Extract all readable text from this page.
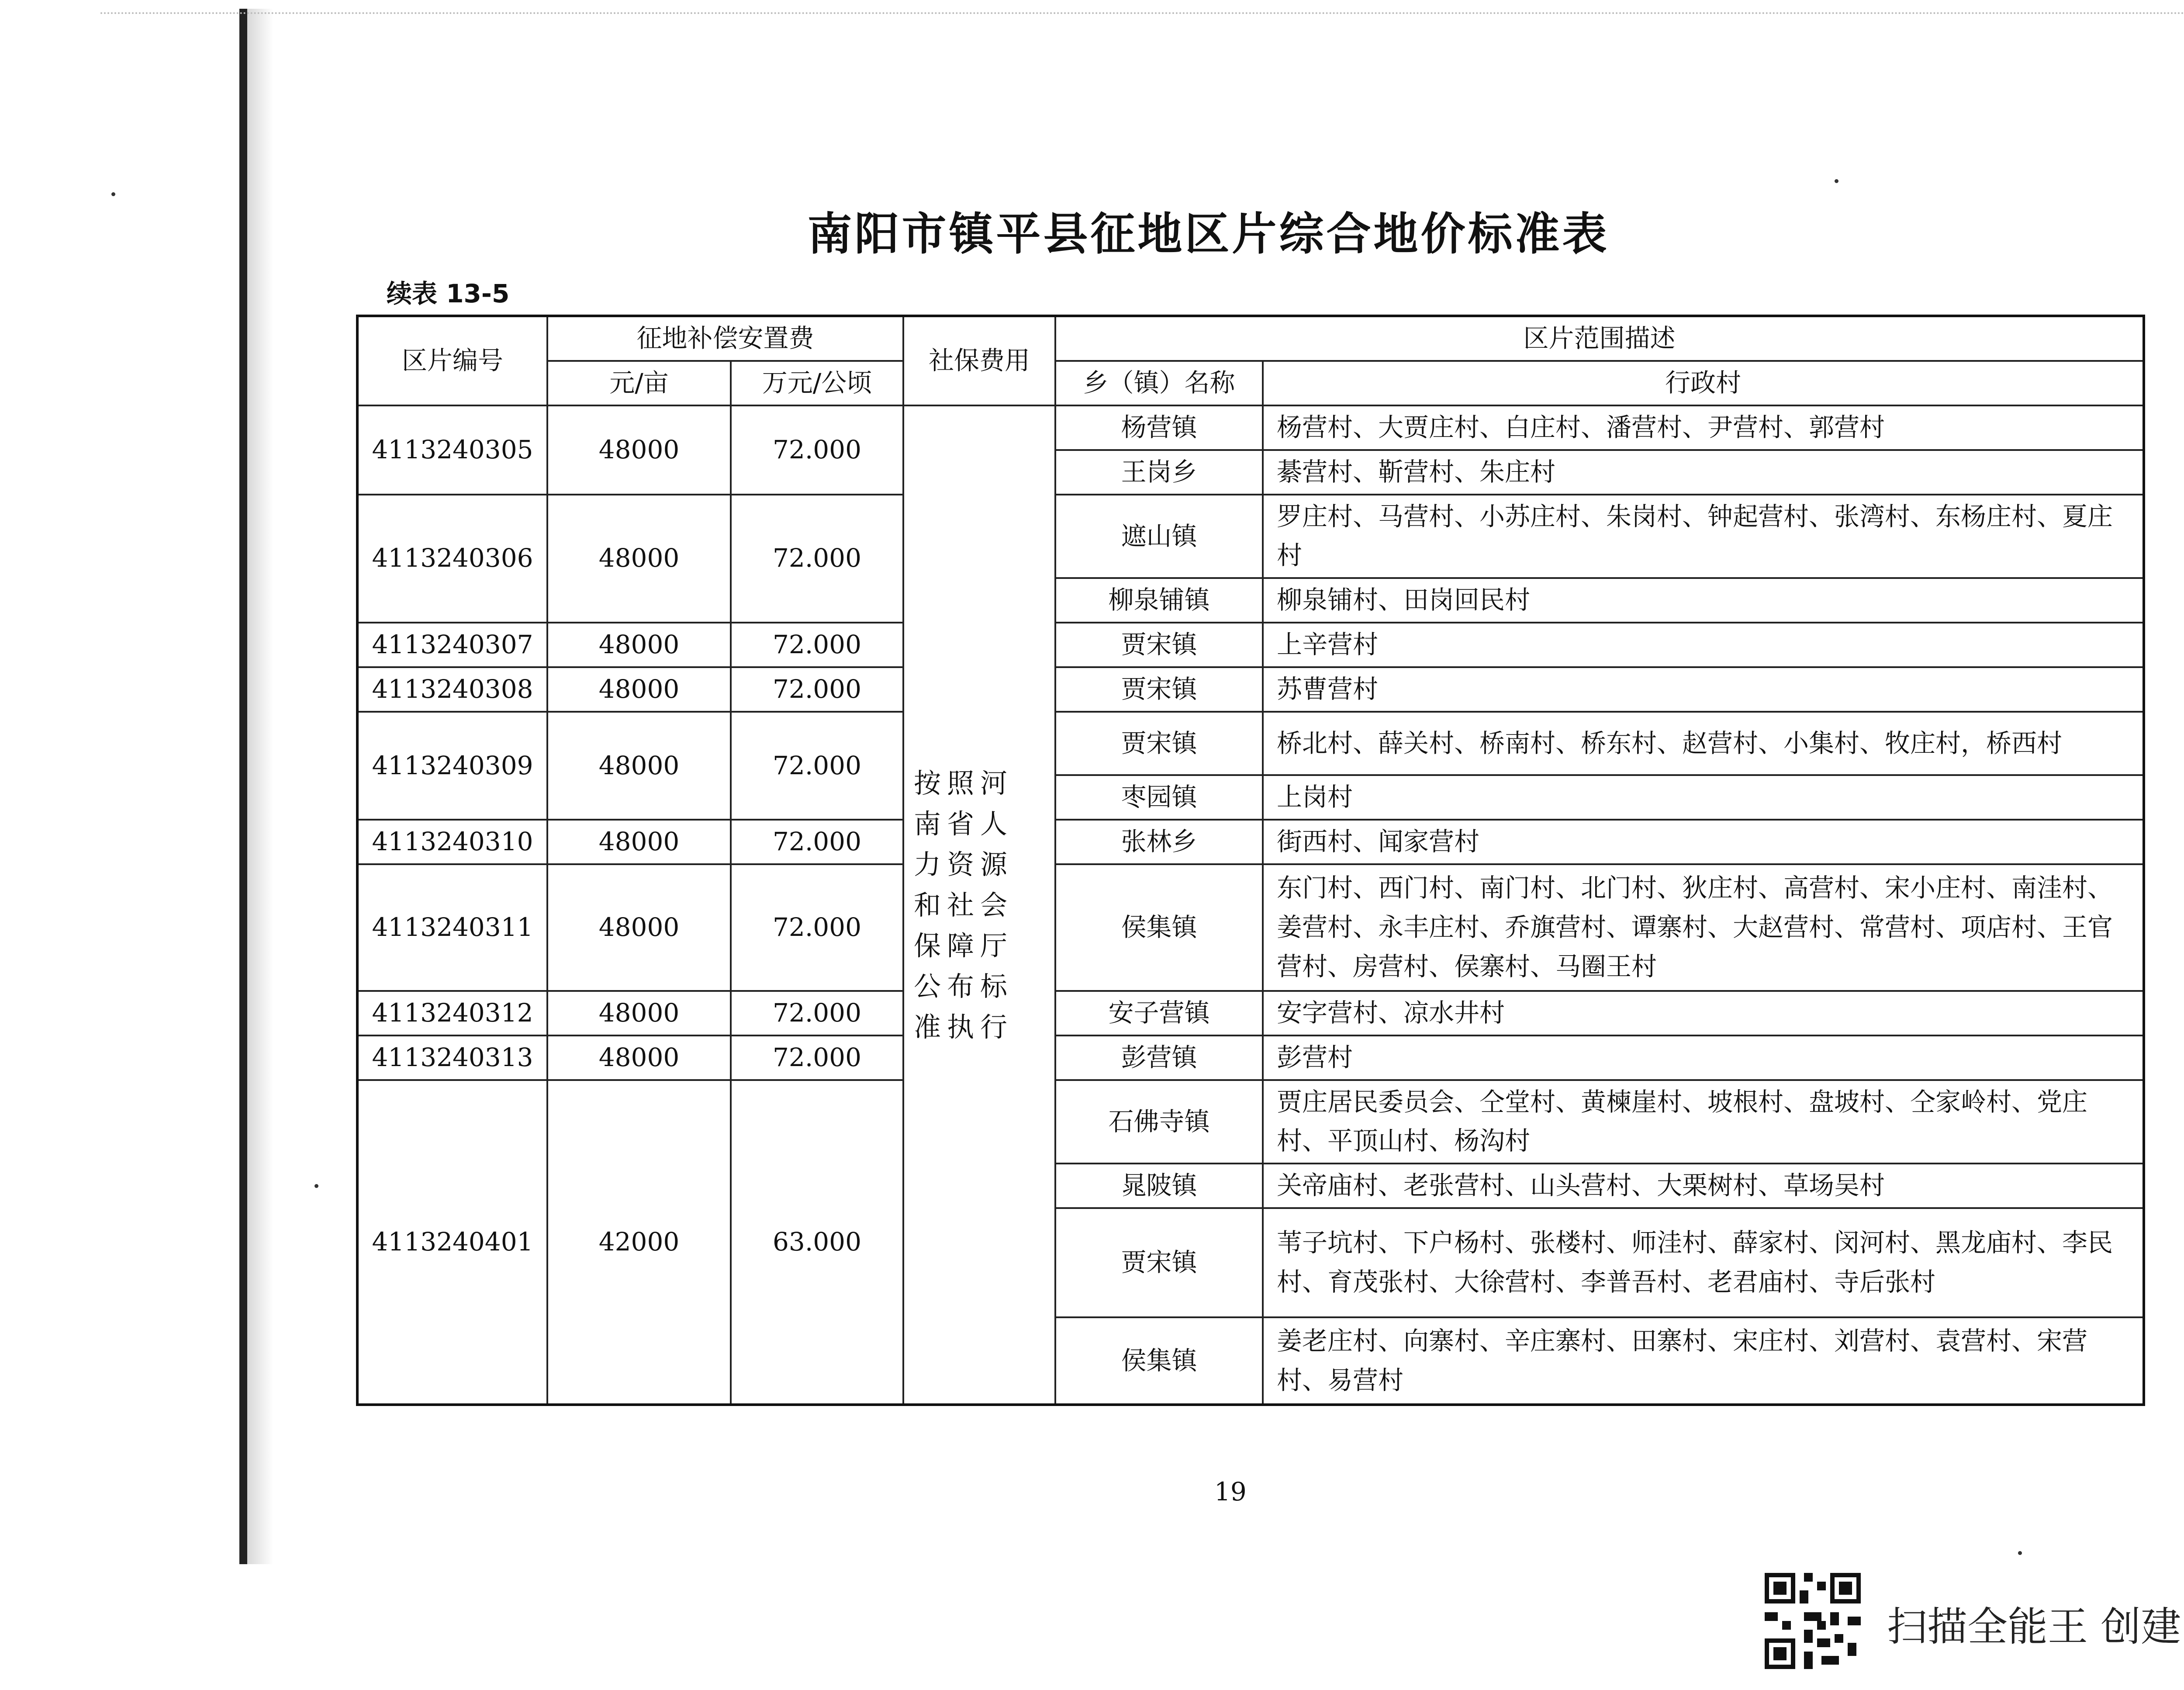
南阳市镇平县征地区片综合地价标准表

续表 13-5

区片编号	征地补偿安置费		社保费用	区片范围描述	
	元/亩	万元/公顷		乡（镇）名称	行政村
4113240305	48000	72.000	按照河南省人力资源和社会保障厅公布标准执行	杨营镇	杨营村、大贾庄村、白庄村、潘营村、尹营村、郭营村
				王岗乡	綦营村、靳营村、朱庄村
4113240306	48000	72.000		遮山镇	罗庄村、马营村、小苏庄村、朱岗村、钟起营村、张湾村、东杨庄村、夏庄村
				柳泉铺镇	柳泉铺村、田岗回民村
4113240307	48000	72.000		贾宋镇	上辛营村
4113240308	48000	72.000		贾宋镇	苏曹营村
4113240309	48000	72.000		贾宋镇	桥北村、薛关村、桥南村、桥东村、赵营村、小集村、牧庄村，桥西村
				枣园镇	上岗村
4113240310	48000	72.000		张林乡	街西村、闻家营村
4113240311	48000	72.000		侯集镇	东门村、西门村、南门村、北门村、狄庄村、高营村、宋小庄村、南洼村、姜营村、永丰庄村、乔旗营村、谭寨村、大赵营村、常营村、项店村、王官营村、房营村、侯寨村、马圈王村
4113240312	48000	72.000		安子营镇	安字营村、凉水井村
4113240313	48000	72.000		彭营镇	彭营村
4113240401	42000	63.000		石佛寺镇	贾庄居民委员会、仝堂村、黄楝崖村、坡根村、盘坡村、仝家岭村、党庄村、平顶山村、杨沟村
				晁陂镇	关帝庙村、老张营村、山头营村、大栗树村、草场吴村
				贾宋镇	苇子坑村、下户杨村、张楼村、师洼村、薛家村、闵河村、黑龙庙村、李民村、育茂张村、大徐营村、李普吾村、老君庙村、寺后张村
				侯集镇	姜老庄村、向寨村、辛庄寨村、田寨村、宋庄村、刘营村、袁营村、宋营村、易营村
19
扫描全能王 创建
